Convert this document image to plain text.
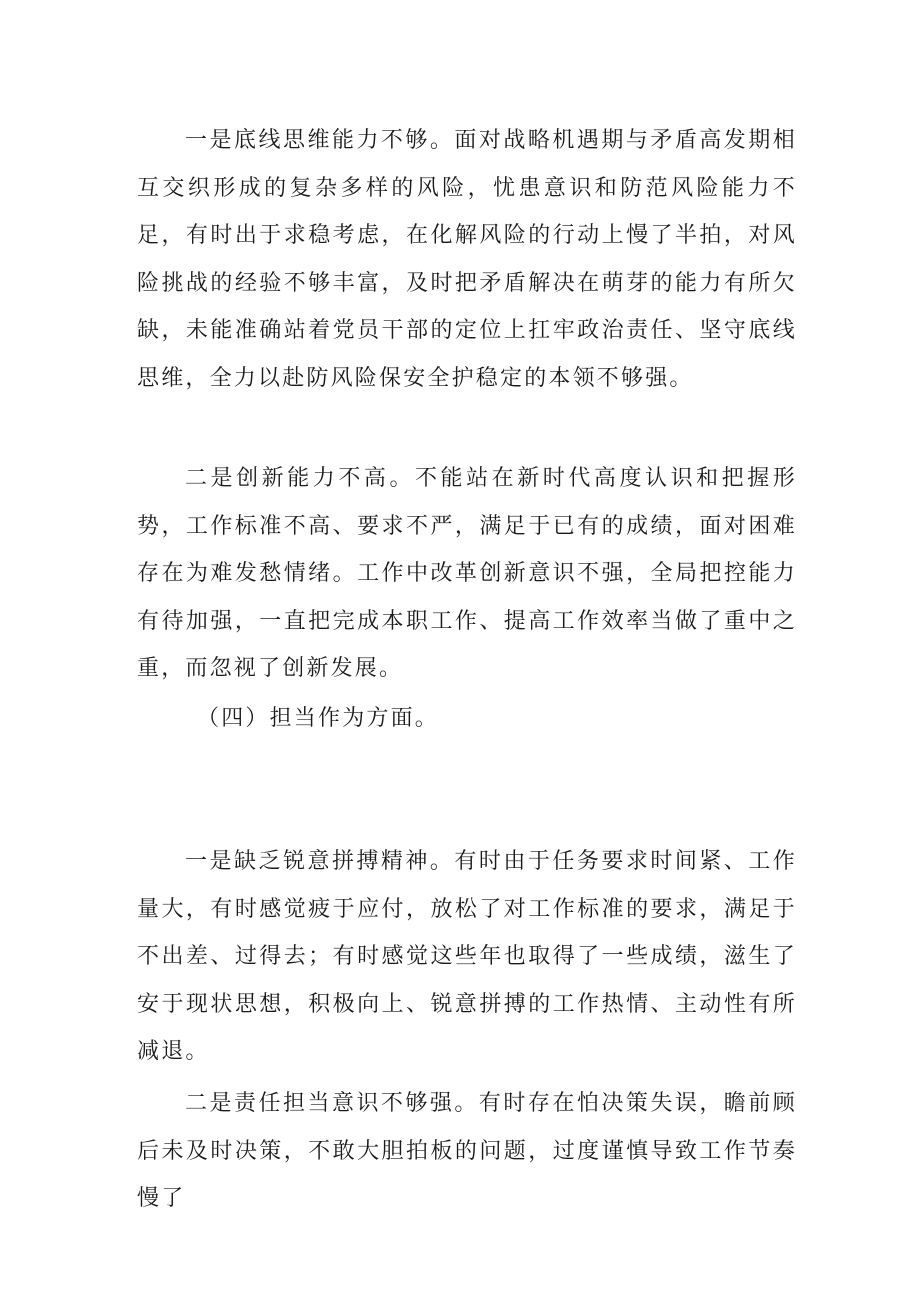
一是底线思维能力不够。面对战略机遇期与矛盾高发期相互交织形成的复杂多样的风险，忧患意识和防范风险能力不足，有时出于求稳考虑，在化解风险的行动上慢了半拍，对风险挑战的经验不够丰富，及时把矛盾解决在萌芽的能力有所欠缺，未能准确站着党员干部的定位上扛牢政治责任、坚守底线思维，全力以赴防风险保安全护稳定的本领不够强。

二是创新能力不高。不能站在新时代高度认识和把握形势，工作标准不高、要求不严，满足于已有的成绩，面对困难存在为难发愁情绪。工作中改革创新意识不强，全局把控能力有待加强，一直把完成本职工作、提高工作效率当做了重中之重，而忽视了创新发展。

（四）担当作为方面。

一是缺乏锐意拼搏精神。有时由于任务要求时间紧、工作量大，有时感觉疲于应付，放松了对工作标准的要求，满足于不出差、过得去；有时感觉这些年也取得了一些成绩，滋生了安于现状思想，积极向上、锐意拼搏的工作热情、主动性有所减退。

二是责任担当意识不够强。有时存在怕决策失误，瞻前顾后未及时决策，不敢大胆拍板的问题，过度谨慎导致工作节奏慢了
